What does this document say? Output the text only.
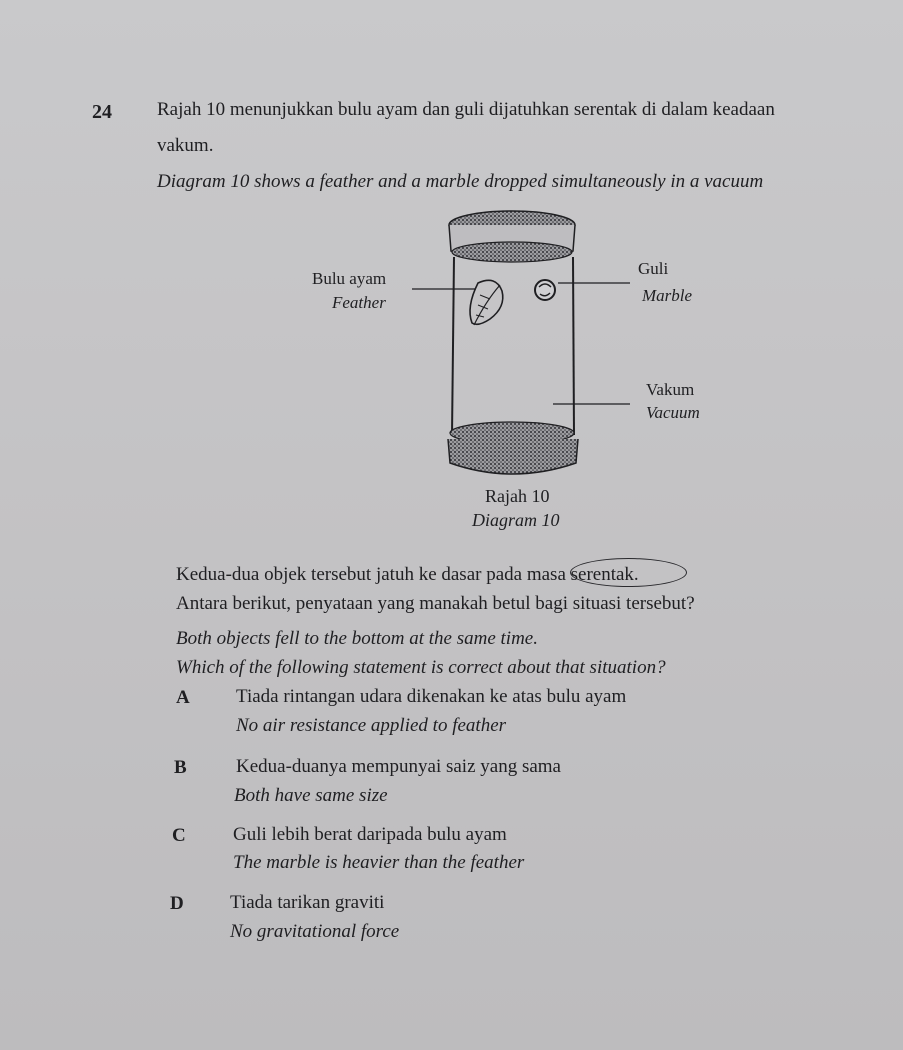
24 Rajah 10 menunjukkan bulu ayam dan guli dijatuhkan serentak di dalam keadaan
vakum.
Diagram 10 shows a feather and a marble dropped simultaneously in a vacuum
Bulu ayam
Feather
Guli
Marble
Vakum
Vacuum
Rajah 10
Diagram 10
Kedua-dua objek tersebut jatuh ke dasar pada masa serentak.
Antara berikut, penyataan yang manakah betul bagi situasi tersebut?
Both objects fell to the bottom at the same time.
Which of the following statement is correct about that situation?
A Tiada rintangan udara dikenakan ke atas bulu ayam
No air resistance applied to feather
B	Kedua-duanya mempunyai saiz yang sama
Both have same size
C Guli lebih berat daripada bulu ayam
The marble is heavier than the feather
D Tiada tarikan graviti
No gravitational force
